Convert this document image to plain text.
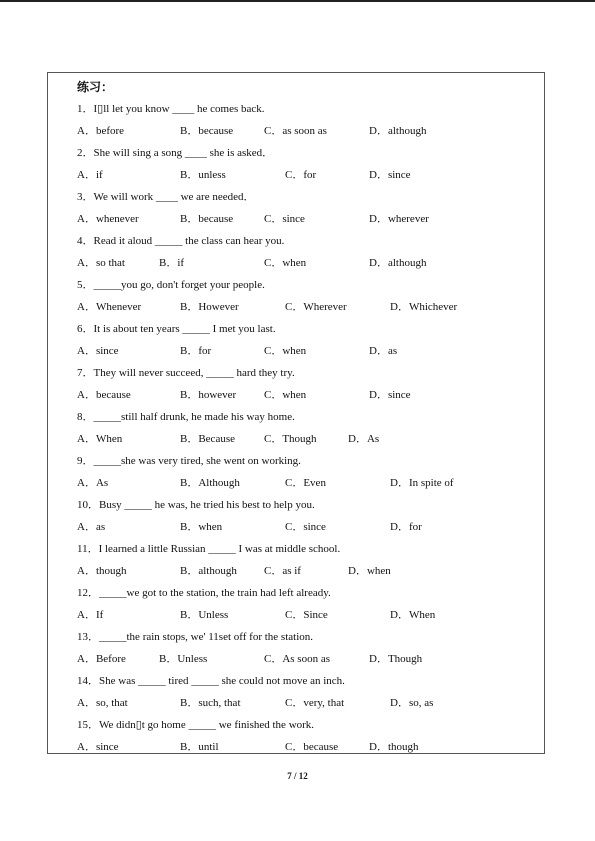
练习：
1．I▯ll let you know ____ he comes back.
A．before	B．because	C．as soon as	D．although
2．She will sing a song ____ she is asked．
A．if	B．unless	C．for	D．since
3．We will work ____ we are needed．
A．whenever	B．because	C．since	D．wherever
4．Read it aloud _____ the class can hear you.
A．so that	B．if	C．when	D．although
5．_____you go, don't forget your people.
A．Whenever	B．However	C．Wherever	D．Whichever
6．It is about ten years _____ I met you last.
A．since	B．for	C．when	D．as
7．They will never succeed, _____ hard they try.
A．because	B．however	C．when	D．since
8．_____still half drunk, he made his way home.
A．When	B．Because	C．Though	D．As
9．_____she was very tired, she went on working.
A．As	B．Although	C．Even	D．In spite of
10．Busy _____ he was, he tried his best to help you.
A．as	B．when	C．since	D．for
11．I learned a little Russian _____ I was at middle school.
A．though	B．although C．as if	D．when
12．_____we got to the station, the train had left already.
A．If	B．Unless	C．Since	D．When
13．_____the rain stops, we' 11set off for the station.
A．Before	B．Unless	C．As soon as	D．Though
14．She was _____ tired _____ she could not move an inch.
A．so, that	B．such, that	C．very, that	D．so, as
15．We didn▯t go home _____ we finished the work.
A．since	B．until	C．because	D．though
7 / 12
